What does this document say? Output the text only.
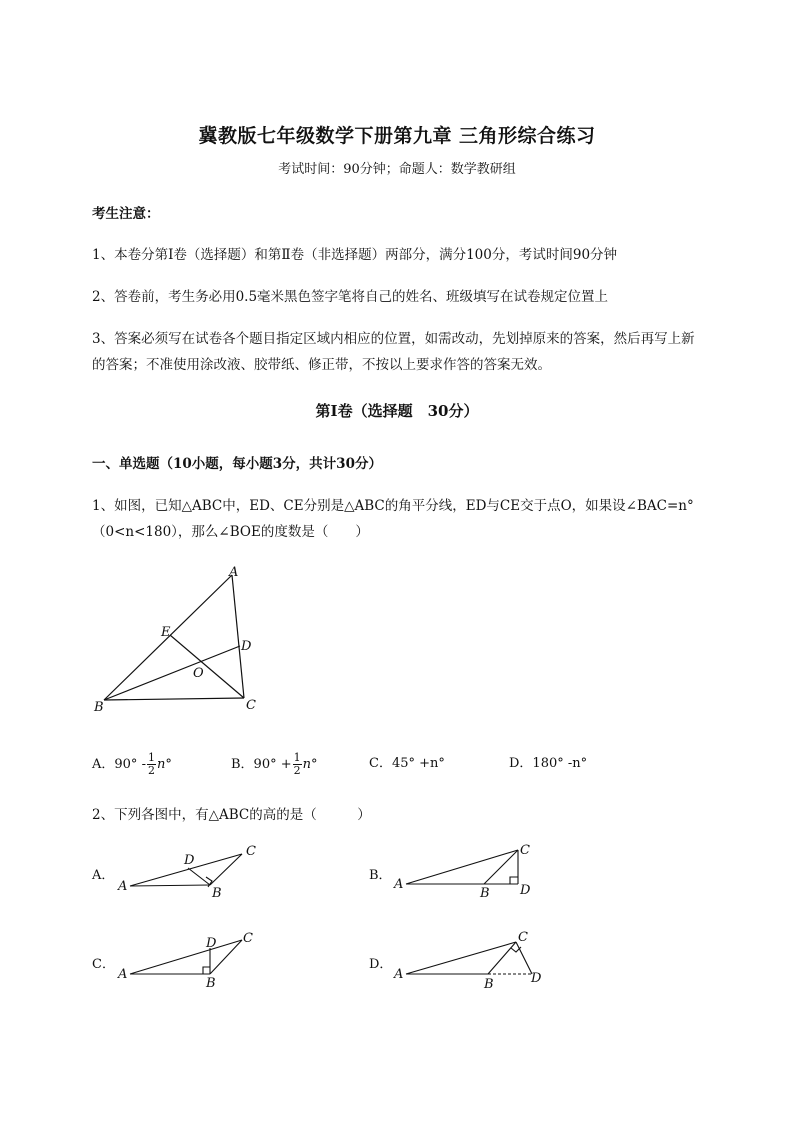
冀教版七年级数学下册第九章 三角形综合练习
考试时间：90分钟；命题人：数学教研组
考生注意：
1、本卷分第I卷（选择题）和第Ⅱ卷（非选择题）两部分，满分100分，考试时间90分钟
2、答卷前，考生务必用0.5毫米黑色签字笔将自己的姓名、班级填写在试卷规定位置上
3、答案必须写在试卷各个题目指定区域内相应的位置，如需改动，先划掉原来的答案，然后再写上新
的答案；不准使用涂改液、胶带纸、修正带，不按以上要求作答的答案无效。
第I卷（选择题　30分）
一、单选题（10小题，每小题3分，共计30分）
1、如图，已知△ABC中，ED、CE分别是△ABC的角平分线，ED与CE交于点O，如果设∠BAC=n°
（0<n<180），那么∠BOE的度数是（　　）
A
B	C
D
E
O
A．$90^\circ - \frac{1}{2} n^\circ$	B．$90^\circ + \frac{1}{2} n^\circ$	C．45° +n°	D．180° -n°
2、下列各图中，有△ABC的高的是（　　　）
A．	B．
C．	D．
A
D
C
B
A
C
B D
A
D C
B
A
C
B	D
